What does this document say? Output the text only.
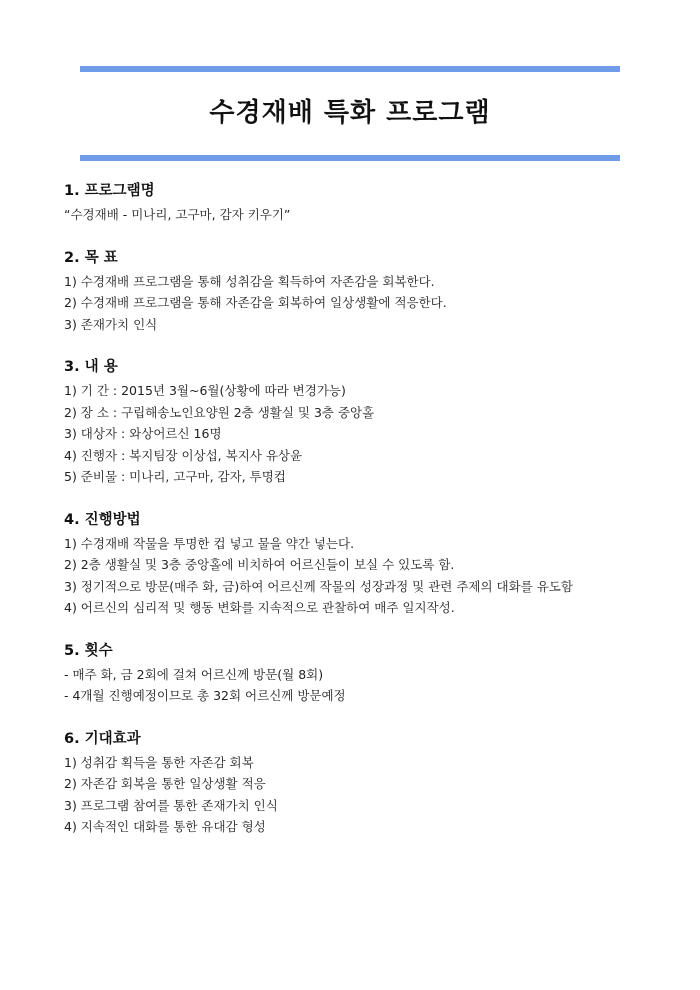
수경재배 특화 프로그램
1. 프로그램명
“수경재배 - 미나리, 고구마, 감자 키우기”
2. 목 표
1) 수경재배 프로그램을 통해 성취감을 획득하여 자존감을 회복한다.
2) 수경재배 프로그램을 통해 자존감을 회복하여 일상생활에 적응한다.
3) 존재가치 인식
3. 내 용
1) 기 간 : 2015년 3월~6월(상황에 따라 변경가능)
2) 장 소 : 구립해송노인요양원 2층 생활실 및 3층 중앙홀
3) 대상자 : 와상어르신 16명
4) 진행자 : 복지팀장 이상섭, 복지사 유상윤
5) 준비물 : 미나리, 고구마, 감자, 투명컵
4. 진행방법
1) 수경재배 작물을 투명한 컵 넣고 물을 약간 넣는다.
2) 2층 생활실 및 3층 중앙홀에 비치하여 어르신들이 보실 수 있도록 함.
3) 정기적으로 방문(매주 화, 금)하여 어르신께 작물의 성장과정 및 관련 주제의 대화를 유도함
4) 어르신의 심리적 및 행동 변화를 지속적으로 관찰하여 매주 일지작성.
5. 횟수
- 매주 화, 금 2회에 걸쳐 어르신께 방문(월 8회)
- 4개월 진행예정이므로 총 32회 어르신께 방문예정
6. 기대효과
1) 성취감 획득을 통한 자존감 회복
2) 자존감 회복을 통한 일상생활 적응
3) 프로그램 참여를 통한 존재가치 인식
4) 지속적인 대화를 통한 유대감 형성
